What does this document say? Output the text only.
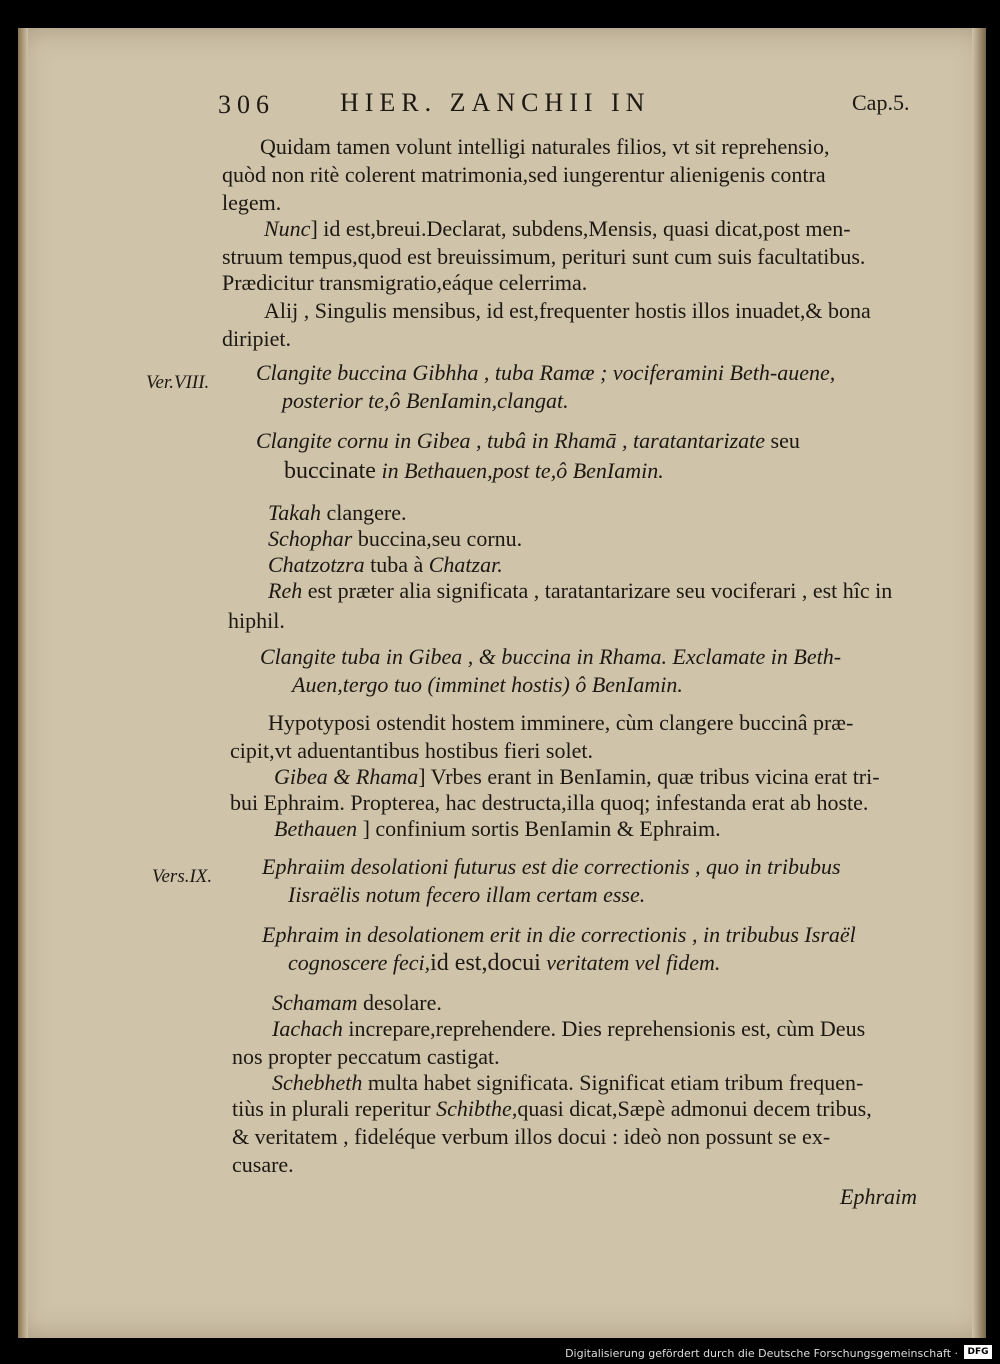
306	HIER. ZANCHII IN	Cap.5.
Quidam tamen volunt intelligi naturales filios, vt sit reprehensio,
quòd non ritè colerent matrimonia,sed iungerentur alienigenis contra
legem.
Nunc] id est,breui.Declarat, subdens,Mensis, quasi dicat,post men-
struum tempus,quod est breuissimum, perituri sunt cum suis facultatibus.
Prædicitur transmigratio,eáque celerrima.
Alij , Singulis mensibus, id est,frequenter hostis illos inuadet,& bona
diripiet.
Ver.VIII. Clangite buccina Gibhha , tuba Ramæ ; vociferamini Beth-auene,
posterior te,ô BenIamin,clangat.
Clangite cornu in Gibea , tubâ in Rhamā , taratantarizate seu
buccinate in Bethauen,post te,ô BenIamin.
Takah clangere.
Schophar buccina,seu cornu.
Chatzotzra tuba à Chatzar.
Reh est præter alia significata , taratantarizare seu vociferari , est hîc in
hiphil.
Clangite tuba in Gibea , & buccina in Rhama. Exclamate in Beth-
Auen,tergo tuo (imminet hostis) ô BenIamin.
Hypotyposi ostendit hostem imminere, cùm clangere buccinâ præ-
cipit,vt aduentantibus hostibus fieri solet.
Gibea & Rhama] Vrbes erant in BenIamin, quæ tribus vicina erat tri-
bui Ephraim. Propterea, hac destructa,illa quoq; infestanda erat ab hoste.
Bethauen ] confinium sortis BenIamin & Ephraim.
Vers.IX. Ephraiim desolationi futurus est die correctionis , quo in tribubus
Iisraëlis notum fecero illam certam esse.
Ephraim in desolationem erit in die correctionis , in tribubus Israël
cognoscere feci,id est,docui veritatem vel fidem.
Schamam desolare.
Iachach increpare,reprehendere. Dies reprehensionis est, cùm Deus
nos propter peccatum castigat.
Schebheth multa habet significata. Significat etiam tribum frequen-
tiùs in plurali reperitur Schibthe,quasi dicat,Sæpè admonui decem tribus,
& veritatem , fideléque verbum illos docui : ideò non possunt se ex-
cusare.
Ephraim
Digitalisierung gefördert durch die Deutsche Forschungsgemeinschaft ·	DFG
